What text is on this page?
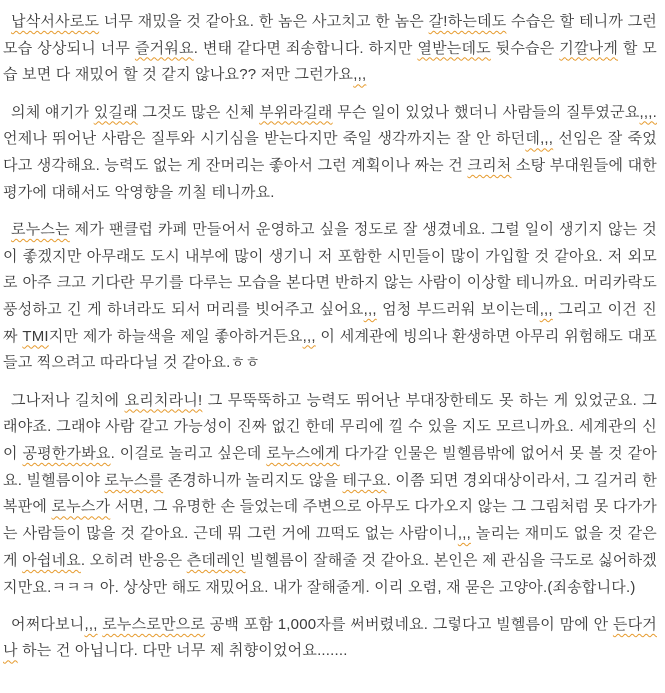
납삭서사로도 너무 재밌을 것 같아요. 한 놈은 사고치고 한 놈은 갈!하는데도 수습은 할 테니까 그런 모습 상상되니 너무 즐거워요. 변태 같다면 죄송합니다. 하지만 열받는데도 뒷수습은 기깔나게 할 모습 보면 다 재밌어 할 것 같지 않나요?? 저만 그런가요,,,

의체 얘기가 있길래 그것도 많은 신체 부위라길래 무슨 일이 있었나 했더니 사람들의 질투였군요,,,. 언제나 뛰어난 사람은 질투와 시기심을 받는다지만 죽일 생각까지는 잘 안 하던데,,, 선임은 잘 죽었다고 생각해요. 능력도 없는 게 잔머리는 좋아서 그런 계획이나 짜는 건 크리처 소탕 부대원들에 대한 평가에 대해서도 악영향을 끼칠 테니까요.

로누스는 제가 팬클럽 카페 만들어서 운영하고 싶을 정도로 잘 생겼네요. 그럴 일이 생기지 않는 것이 좋겠지만 아무래도 도시 내부에 많이 생기니 저 포함한 시민들이 많이 가입할 것 같아요. 저 외모로 아주 크고 기다란 무기를 다루는 모습을 본다면 반하지 않는 사람이 이상할 테니까요. 머리카락도 풍성하고 긴 게 하녀라도 되서 머리를 빗어주고 싶어요,,, 엄청 부드러워 보이는데,,, 그리고 이건 진짜 TMI지만 제가 하늘색을 제일 좋아하거든요,,, 이 세계관에 빙의나 환생하면 아무리 위험해도 대포 들고 찍으려고 따라다닐 것 같아요.ㅎㅎ

그나저나 길치에 요리치라니! 그 무뚝뚝하고 능력도 뛰어난 부대장한테도 못 하는 게 있었군요. 그래야죠. 그래야 사람 같고 가능성이 진짜 없긴 한데 무리에 낄 수 있을 지도 모르니까요. 세계관의 신이 공평한가봐요. 이걸로 놀리고 싶은데 로누스에게 다가갈 인물은 빌헬름밖에 없어서 못 볼 것 같아요. 빌헬름이야 로누스를 존경하니까 놀리지도 않을 테구요. 이쯤 되면 경외대상이라서, 그 길거리 한복판에 로누스가 서면, 그 유명한 손 들었는데 주변으로 아무도 다가오지 않는 그 그림처럼 못 다가가는 사람들이 많을 것 같아요. 근데 뭐 그런 거에 끄떡도 없는 사람이니,,, 놀리는 재미도 없을 것 같은 게 아쉽네요. 오히려 반응은 츤데레인 빌헬름이 잘해줄 것 같아요. 본인은 제 관심을 극도로 싫어하겠지만요.ㅋㅋㅋ 아. 상상만 해도 재밌어요. 내가 잘해줄게. 이리 오렴, 재 묻은 고양아.(죄송합니다.)

어쩌다보니,,, 로누스로만으로 공백 포함 1,000자를 써버렸네요. 그렇다고 빌헬름이 맘에 안 든다거나 하는 건 아닙니다. 다만 너무 제 취향이었어요.......
